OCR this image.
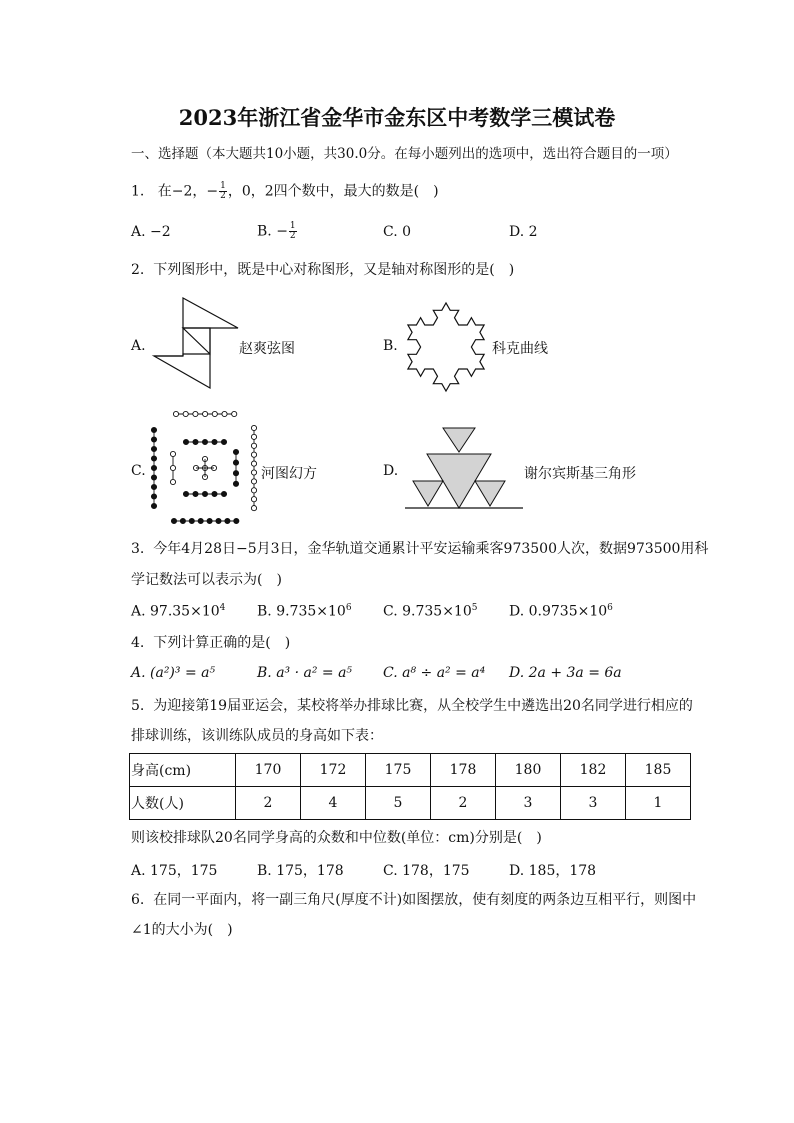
2023年浙江省金华市金东区中考数学三模试卷
一、选择题（本大题共10小题，共30.0分。在每小题列出的选项中，选出符合题目的一项）
1. 在−2，− $\frac{1}{2}$ ，0，2四个数中，最大的数是(　)
A. −2	B. − $\frac{1}{2}$	C. 0	D. 2
2. 下列图形中，既是中心对称图形，又是轴对称图形的是(　)
A.	赵爽弦图	B.	科克曲线
C.	河图幻方	D.	谢尔宾斯基三角形
3. 今年4月28日−5月3日，金华轨道交通累计平安运输乘客973500人次，数据973500用科
学记数法可以表示为(　)
A. $97.35\times 10^4$ B. $9.735\times 10^6$ C. $9.735\times 10^5$ D. $0.9735\times 10^6$
4. 下列计算正确的是(　)
A. (a²)³ = a⁵	B. a³ · a² = a⁵ C. a⁸ ÷ a² = a⁴ D. 2a + 3a = 6a
5. 为迎接第19届亚运会，某校将举办排球比赛，从全校学生中遴选出20名同学进行相应的
排球训练，该训练队成员的身高如下表：
身高(cm)	170	172	175	178	180	182	185
人数(人)	2	4	5	2	3	3	1
则该校排球队20名同学身高的众数和中位数(单位：cm)分别是(　)
A. 175，175	B. 175，178	C. 178，175	D. 185，178
6. 在同一平面内，将一副三角尺(厚度不计)如图摆放，使有刻度的两条边互相平行，则图中
∠1的大小为(　)
